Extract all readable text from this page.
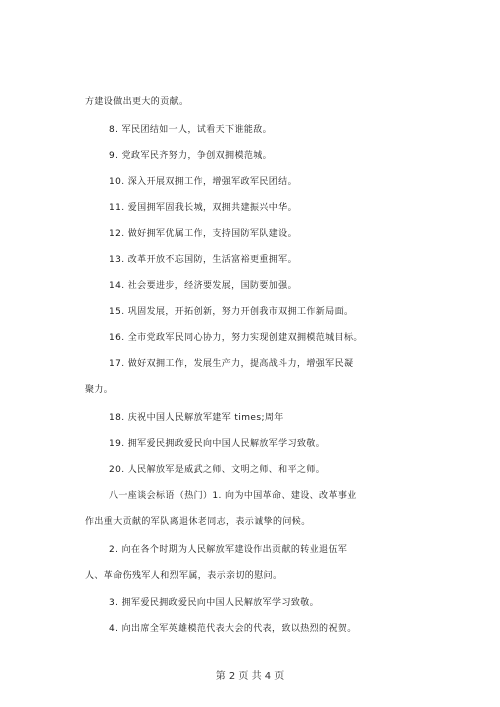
方建设做出更大的贡献。
8. 军民团结如一人，试看天下谁能敌。
9. 党政军民齐努力，争创双拥模范城。
10. 深入开展双拥工作，增强军政军民团结。
11. 爱国拥军固我长城，双拥共建振兴中华。
12. 做好拥军优属工作，支持国防军队建设。
13. 改革开放不忘国防，生活富裕更重拥军。
14. 社会要进步，经济要发展，国防要加强。
15. 巩固发展，开拓创新，努力开创我市双拥工作新局面。
16. 全市党政军民同心协力，努力实现创建双拥模范城目标。
17. 做好双拥工作，发展生产力，提高战斗力，增强军民凝
聚力。
18. 庆祝中国人民解放军建军 times;周年
19. 拥军爱民拥政爱民向中国人民解放军学习致敬。
20. 人民解放军是威武之师、文明之师、和平之师。
八一座谈会标语（热门）1. 向为中国革命、建设、改革事业
作出重大贡献的军队离退休老同志，表示诚挚的问候。
2. 向在各个时期为人民解放军建设作出贡献的转业退伍军
人、革命伤残军人和烈军属，表示亲切的慰问。
3. 拥军爱民拥政爱民向中国人民解放军学习致敬。
4. 向出席全军英雄模范代表大会的代表，致以热烈的祝贺。
第 2 页 共 4 页
